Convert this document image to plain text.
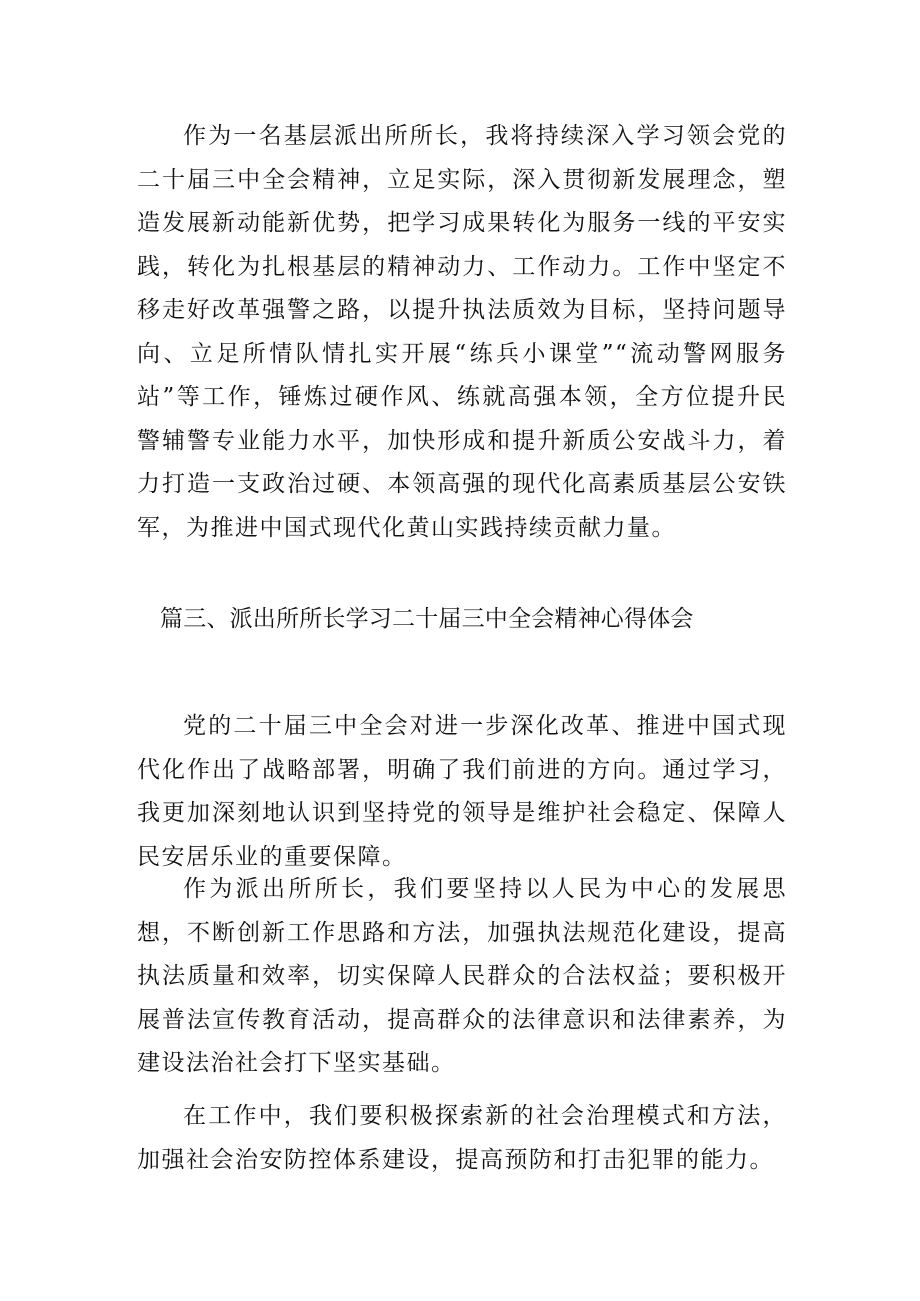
作为一名基层派出所所长，我将持续深入学习领会党的二十届三中全会精神，立足实际，深入贯彻新发展理念，塑造发展新动能新优势，把学习成果转化为服务一线的平安实践，转化为扎根基层的精神动力、工作动力。工作中坚定不移走好改革强警之路，以提升执法质效为目标，坚持问题导向、立足所情队情扎实开展“练兵小课堂”“流动警网服务站”等工作，锤炼过硬作风、练就高强本领，全方位提升民警辅警专业能力水平，加快形成和提升新质公安战斗力，着力打造一支政治过硬、本领高强的现代化高素质基层公安铁军，为推进中国式现代化黄山实践持续贡献力量。

篇三、派出所所长学习二十届三中全会精神心得体会

党的二十届三中全会对进一步深化改革、推进中国式现代化作出了战略部署，明确了我们前进的方向。通过学习，我更加深刻地认识到坚持党的领导是维护社会稳定、保障人民安居乐业的重要保障。

作为派出所所长，我们要坚持以人民为中心的发展思想，不断创新工作思路和方法，加强执法规范化建设，提高执法质量和效率，切实保障人民群众的合法权益；要积极开展普法宣传教育活动，提高群众的法律意识和法律素养，为建设法治社会打下坚实基础。

在工作中，我们要积极探索新的社会治理模式和方法，加强社会治安防控体系建设，提高预防和打击犯罪的能力。
